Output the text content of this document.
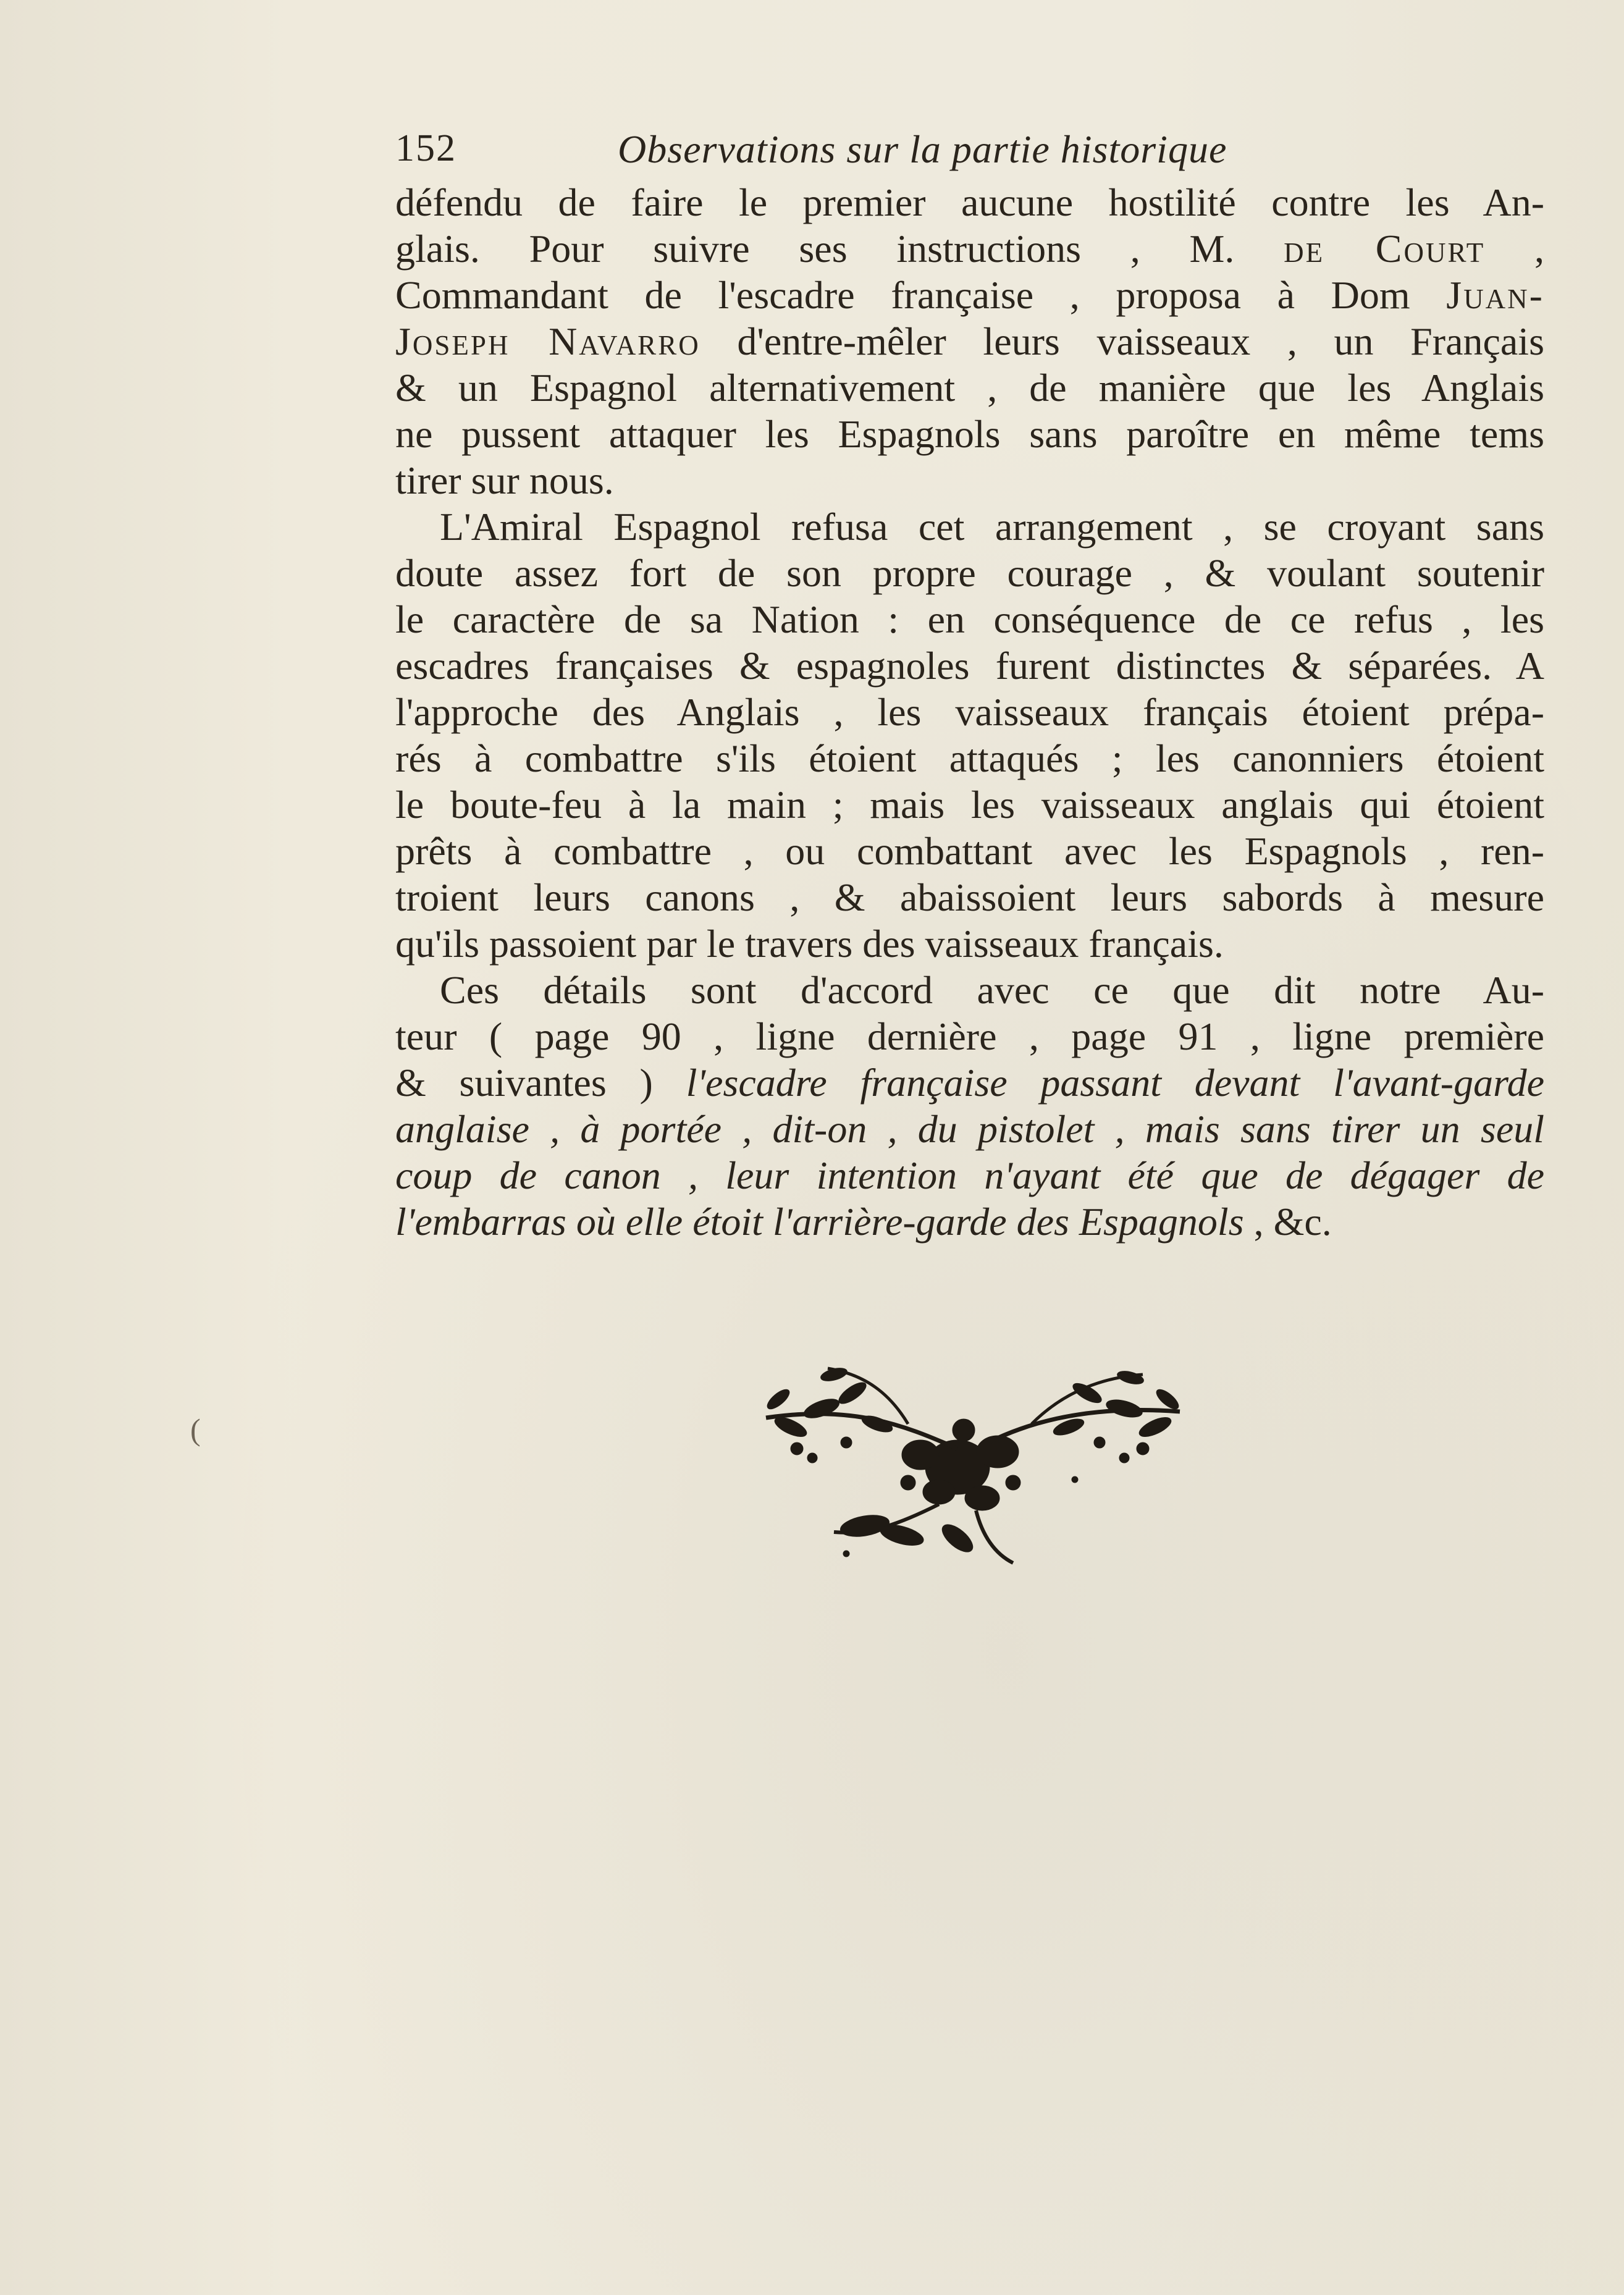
152	Observations sur la partie historique
défendu de faire le premier aucune hostilité contre les An-
glais. Pour suivre ses instructions , M. de Court ,
Commandant de l'escadre française , proposa à Dom Juan-
Joseph Navarro d'entre-mêler leurs vaisseaux , un Français
& un Espagnol alternativement , de manière que les Anglais
ne pussent attaquer les Espagnols sans paroître en même tems
tirer sur nous.
L'Amiral Espagnol refusa cet arrangement , se croyant sans
doute assez fort de son propre courage , & voulant soutenir
le caractère de sa Nation : en conséquence de ce refus , les
escadres françaises & espagnoles furent distinctes & séparées. A
l'approche des Anglais , les vaisseaux français étoient prépa-
rés à combattre s'ils étoient attaqués ; les canonniers étoient
le boute-feu à la main ; mais les vaisseaux anglais qui étoient
prêts à combattre , ou combattant avec les Espagnols , ren-
troient leurs canons , & abaissoient leurs sabords à mesure
qu'ils passoient par le travers des vaisseaux français.
Ces détails sont d'accord avec ce que dit notre Au-
teur ( page 90 , ligne dernière , page 91 , ligne première
& suivantes ) l'escadre française passant devant l'avant-garde
anglaise , à portée , dit-on , du pistolet , mais sans tirer un seul
coup de canon , leur intention n'ayant été que de dégager de
l'embarras où elle étoit l'arrière-garde des Espagnols , &c.
(
